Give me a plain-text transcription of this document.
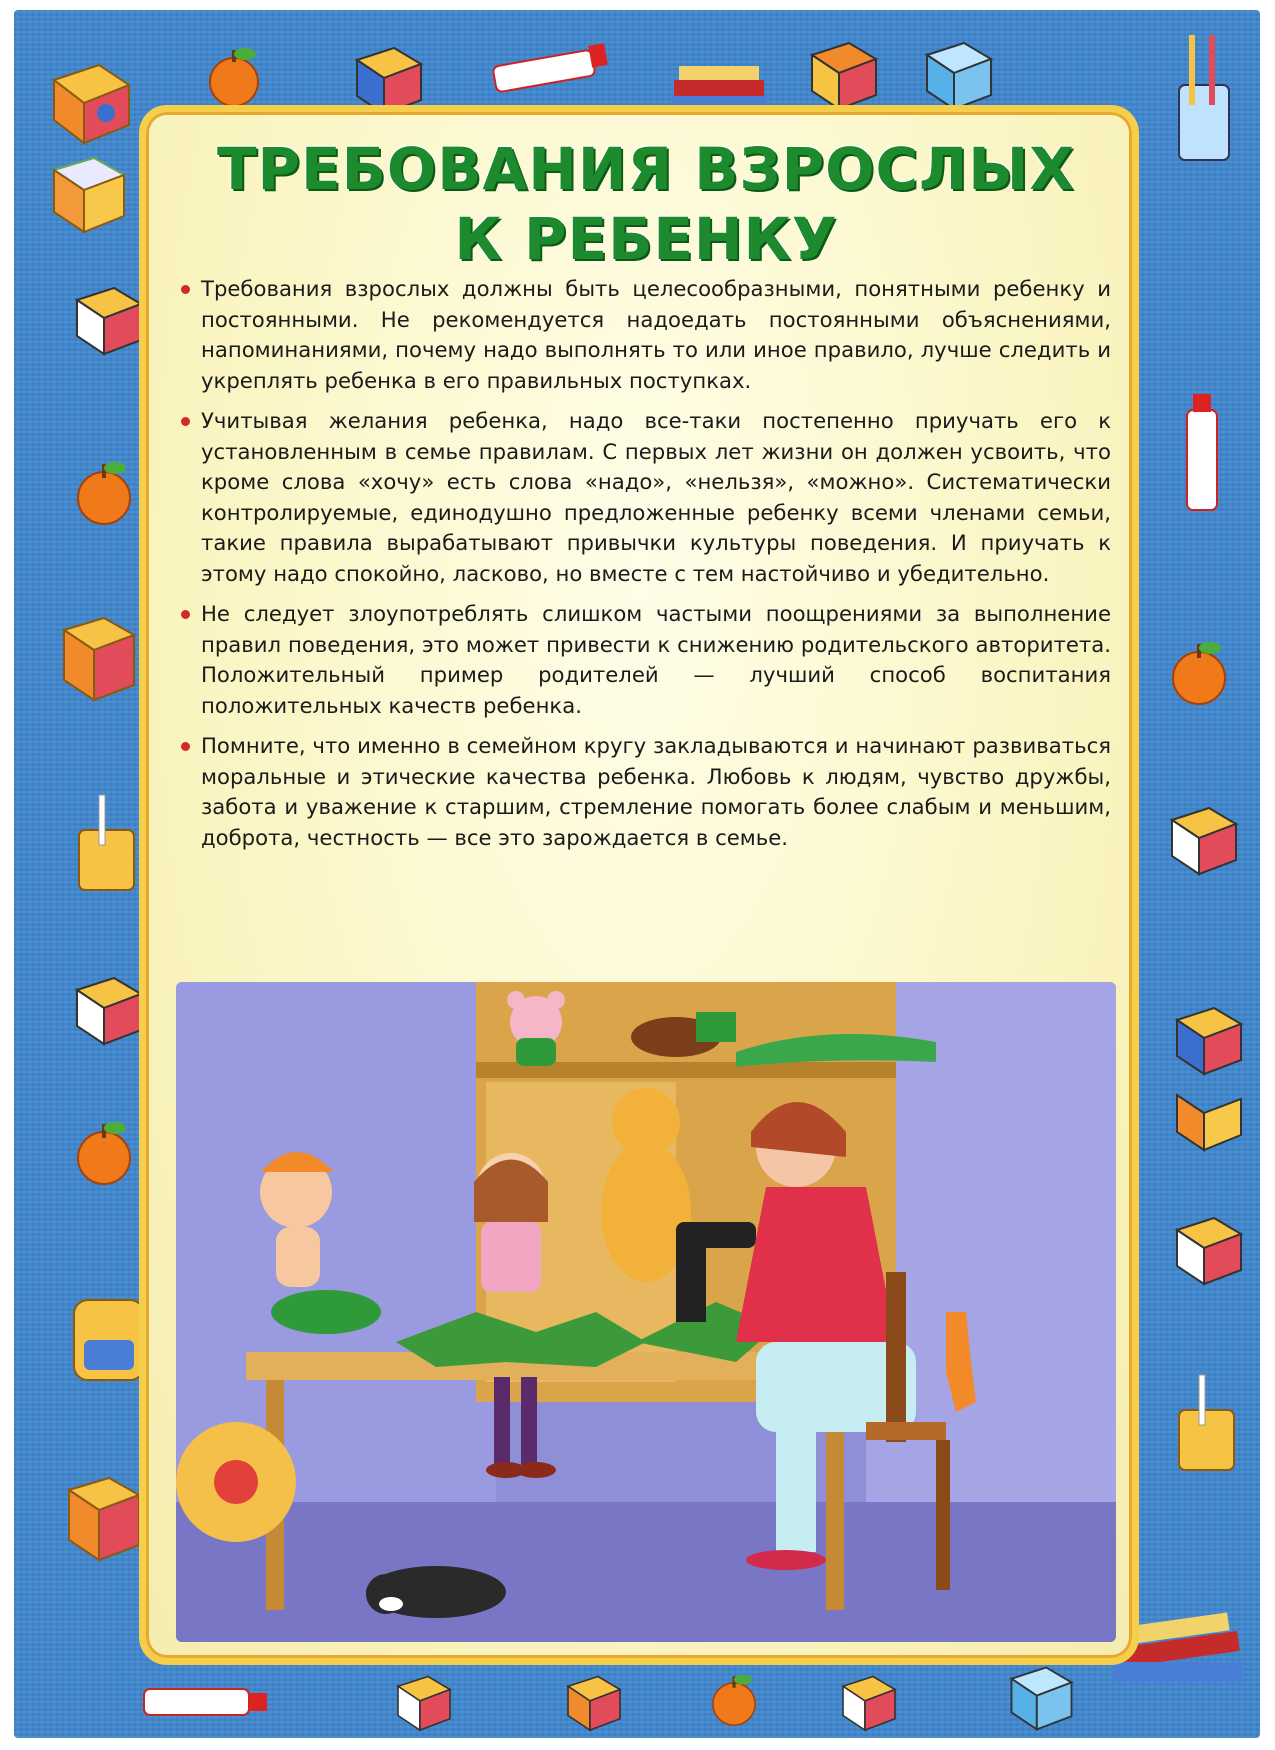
ТРЕБОВАНИЯ ВЗРОСЛЫХ
К РЕБЕНКУ

Требования взрослых должны быть целесообразными, понятными ребенку и постоянными. Не рекомендуется надоедать постоянными объяснениями, напоминаниями, почему надо выполнять то или иное правило, лучше следить и укреплять ребенка в его правильных поступках.

Учитывая желания ребенка, надо все-таки постепенно приучать его к установленным в семье правилам. С первых лет жизни он должен усвоить, что кроме слова «хочу» есть слова «надо», «нельзя», «можно». Систематически контролируемые, единодушно предложенные ребенку всеми членами семьи, такие правила вырабатывают привычки культуры поведения. И приучать к этому надо спокойно, ласково, но вместе с тем настойчиво и убедительно.

Не следует злоупотреблять слишком частыми поощрениями за выполнение правил поведения, это может привести к снижению родительского авторитета. Положительный пример родителей — лучший способ воспитания положительных качеств ребенка.

Помните, что именно в семейном кругу закладываются и начинают развиваться моральные и этические качества ребенка. Любовь к людям, чувство дружбы, забота и уважение к старшим, стремление помогать более слабым и меньшим, доброта, честность — все это зарождается в семье.
